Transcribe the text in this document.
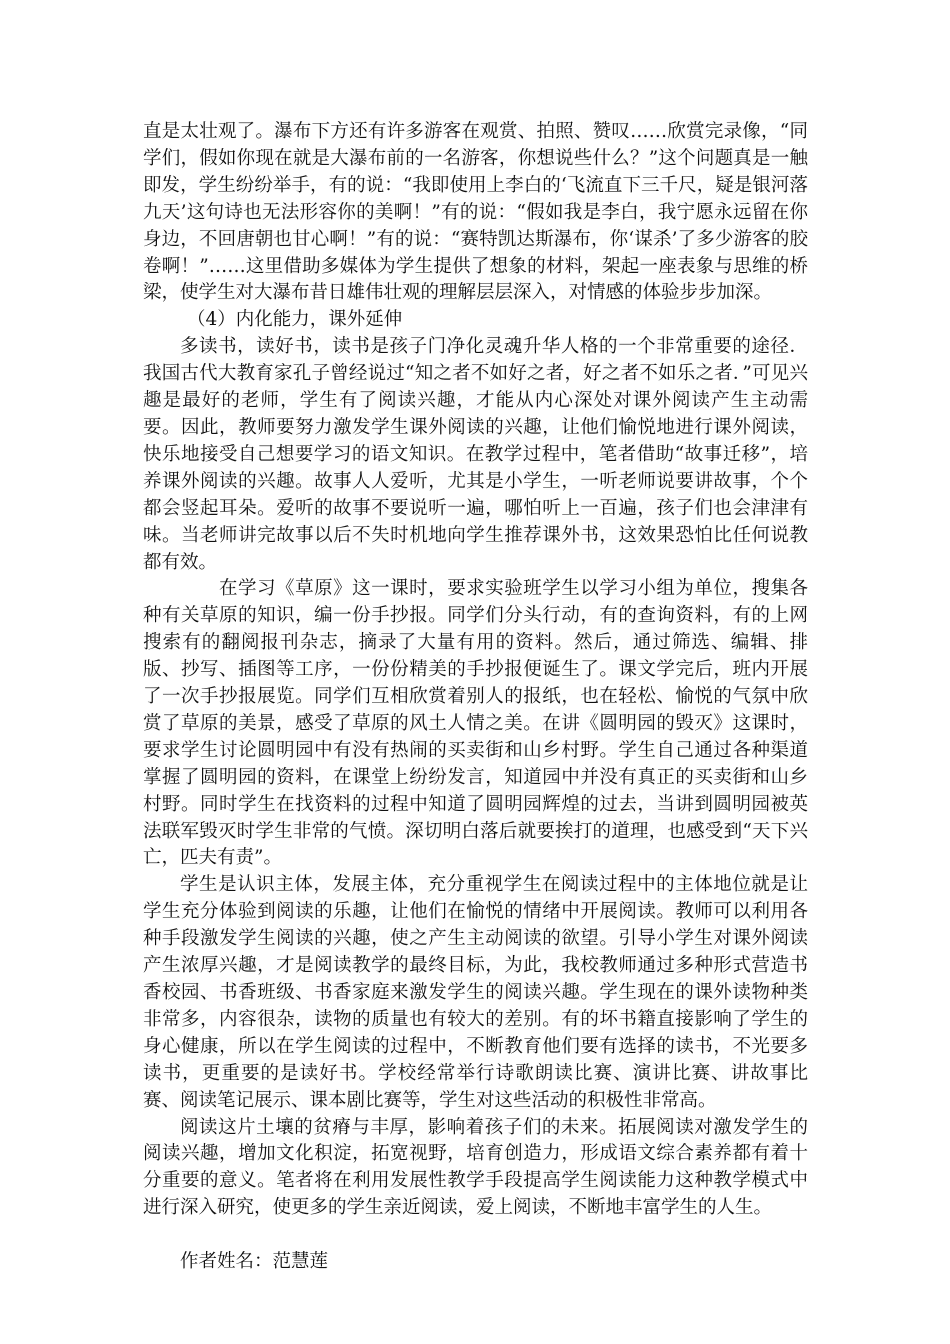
直是太壮观了。瀑布下方还有许多游客在观赏、拍照、赞叹……欣赏完录像，“同学们，假如你现在就是大瀑布前的一名游客，你想说些什么？”这个问题真是一触即发，学生纷纷举手，有的说：“我即使用上李白的‘飞流直下三千尺，疑是银河落九天’这句诗也无法形容你的美啊！”有的说：“假如我是李白，我宁愿永远留在你身边，不回唐朝也甘心啊！”有的说：“赛特凯达斯瀑布，你‘谋杀’了多少游客的胶卷啊！”……这里借助多媒体为学生提供了想象的材料，架起一座表象与思维的桥梁，使学生对大瀑布昔日雄伟壮观的理解层层深入，对情感的体验步步加深。

（4）内化能力，课外延伸

多读书，读好书，读书是孩子门净化灵魂升华人格的一个非常重要的途径．我国古代大教育家孔子曾经说过“知之者不如好之者，好之者不如乐之者．”可见兴趣是最好的老师，学生有了阅读兴趣，才能从内心深处对课外阅读产生主动需要。因此，教师要努力激发学生课外阅读的兴趣，让他们愉悦地进行课外阅读，快乐地接受自己想要学习的语文知识。在教学过程中，笔者借助“故事迁移”，培养课外阅读的兴趣。故事人人爱听，尤其是小学生，一听老师说要讲故事，个个都会竖起耳朵。爱听的故事不要说听一遍，哪怕听上一百遍，孩子们也会津津有味。当老师讲完故事以后不失时机地向学生推荐课外书，这效果恐怕比任何说教都有效。

在学习《草原》这一课时，要求实验班学生以学习小组为单位，搜集各种有关草原的知识，编一份手抄报。同学们分头行动，有的查询资料，有的上网搜索有的翻阅报刊杂志，摘录了大量有用的资料。然后，通过筛选、编辑、排版、抄写、插图等工序，一份份精美的手抄报便诞生了。课文学完后，班内开展了一次手抄报展览。同学们互相欣赏着别人的报纸，也在轻松、愉悦的气氛中欣赏了草原的美景，感受了草原的风土人情之美。在讲《圆明园的毁灭》这课时，要求学生讨论圆明园中有没有热闹的买卖街和山乡村野。学生自己通过各种渠道掌握了圆明园的资料，在课堂上纷纷发言，知道园中并没有真正的买卖街和山乡村野。同时学生在找资料的过程中知道了圆明园辉煌的过去，当讲到圆明园被英法联军毁灭时学生非常的气愤。深切明白落后就要挨打的道理，也感受到“天下兴亡，匹夫有责”。

学生是认识主体，发展主体，充分重视学生在阅读过程中的主体地位就是让学生充分体验到阅读的乐趣，让他们在愉悦的情绪中开展阅读。教师可以利用各种手段激发学生阅读的兴趣，使之产生主动阅读的欲望。引导小学生对课外阅读产生浓厚兴趣，才是阅读教学的最终目标，为此，我校教师通过多种形式营造书香校园、书香班级、书香家庭来激发学生的阅读兴趣。学生现在的课外读物种类非常多，内容很杂，读物的质量也有较大的差别。有的坏书籍直接影响了学生的身心健康，所以在学生阅读的过程中，不断教育他们要有选择的读书，不光要多读书，更重要的是读好书。学校经常举行诗歌朗读比赛、演讲比赛、讲故事比赛、阅读笔记展示、课本剧比赛等，学生对这些活动的积极性非常高。

阅读这片土壤的贫瘠与丰厚，影响着孩子们的未来。拓展阅读对激发学生的阅读兴趣，增加文化积淀，拓宽视野，培育创造力，形成语文综合素养都有着十分重要的意义。笔者将在利用发展性教学手段提高学生阅读能力这种教学模式中进行深入研究，使更多的学生亲近阅读，爱上阅读，不断地丰富学生的人生。

作者姓名：范慧莲
